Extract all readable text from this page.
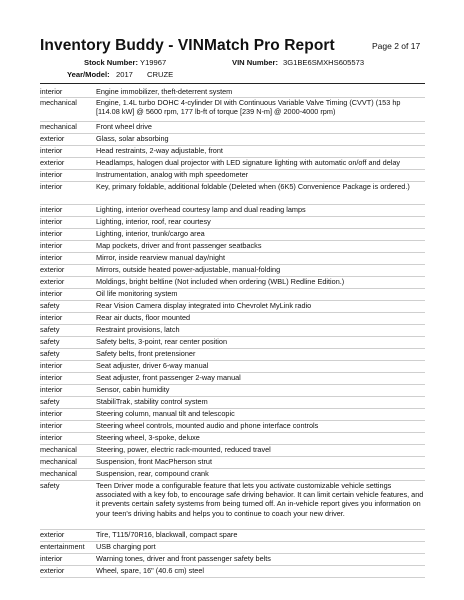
Inventory Buddy - VINMatch Pro Report	Page 2 of 17
Stock Number: Y19967	VIN Number: 3G1BE6SMXHS605573
Year/Model: 2017 CRUZE
interior	Engine immobilizer, theft-deterrent system
mechanical	Engine, 1.4L turbo DOHC 4-cylinder DI with Continuous Variable Valve Timing (CVVT) (153 hp [114.08 kW] @ 5600 rpm, 177 lb-ft of torque [239 N-m] @ 2000-4000 rpm)
mechanical	Front wheel drive
exterior	Glass, solar absorbing
interior	Head restraints, 2-way adjustable, front
exterior	Headlamps, halogen dual projector with LED signature lighting with automatic on/off and delay
interior	Instrumentation, analog with mph speedometer
interior	Key, primary foldable, additional foldable (Deleted when (6K5) Convenience Package is ordered.)
interior	Lighting, interior overhead courtesy lamp and dual reading lamps
interior	Lighting, interior, roof, rear courtesy
interior	Lighting, interior, trunk/cargo area
interior	Map pockets, driver and front passenger seatbacks
interior	Mirror, inside rearview manual day/night
exterior	Mirrors, outside heated power-adjustable, manual-folding
exterior	Moldings, bright beltline (Not included when ordering (WBL) Redline Edition.)
interior	Oil life monitoring system
safety	Rear Vision Camera display integrated into Chevrolet MyLink radio
interior	Rear air ducts, floor mounted
safety	Restraint provisions, latch
safety	Safety belts, 3-point, rear center position
safety	Safety belts, front pretensioner
interior	Seat adjuster, driver 6-way manual
interior	Seat adjuster, front passenger 2-way manual
interior	Sensor, cabin humidity
safety	StabiliTrak, stability control system
interior	Steering column, manual tilt and telescopic
interior	Steering wheel controls, mounted audio and phone interface controls
interior	Steering wheel, 3-spoke, deluxe
mechanical	Steering, power, electric rack-mounted, reduced travel
mechanical	Suspension, front MacPherson strut
mechanical	Suspension, rear, compound crank
safety	Teen Driver mode a configurable feature that lets you activate customizable vehicle settings associated with a key fob, to encourage safe driving behavior. It can limit certain vehicle features, and it prevents certain safety systems from being turned off. An in-vehicle report gives you information on your teen's driving habits and helps you to continue to coach your new driver.
exterior	Tire, T115/70R16, blackwall, compact spare
entertainment	USB charging port
interior	Warning tones, driver and front passenger safety belts
exterior	Wheel, spare, 16" (40.6 cm) steel
